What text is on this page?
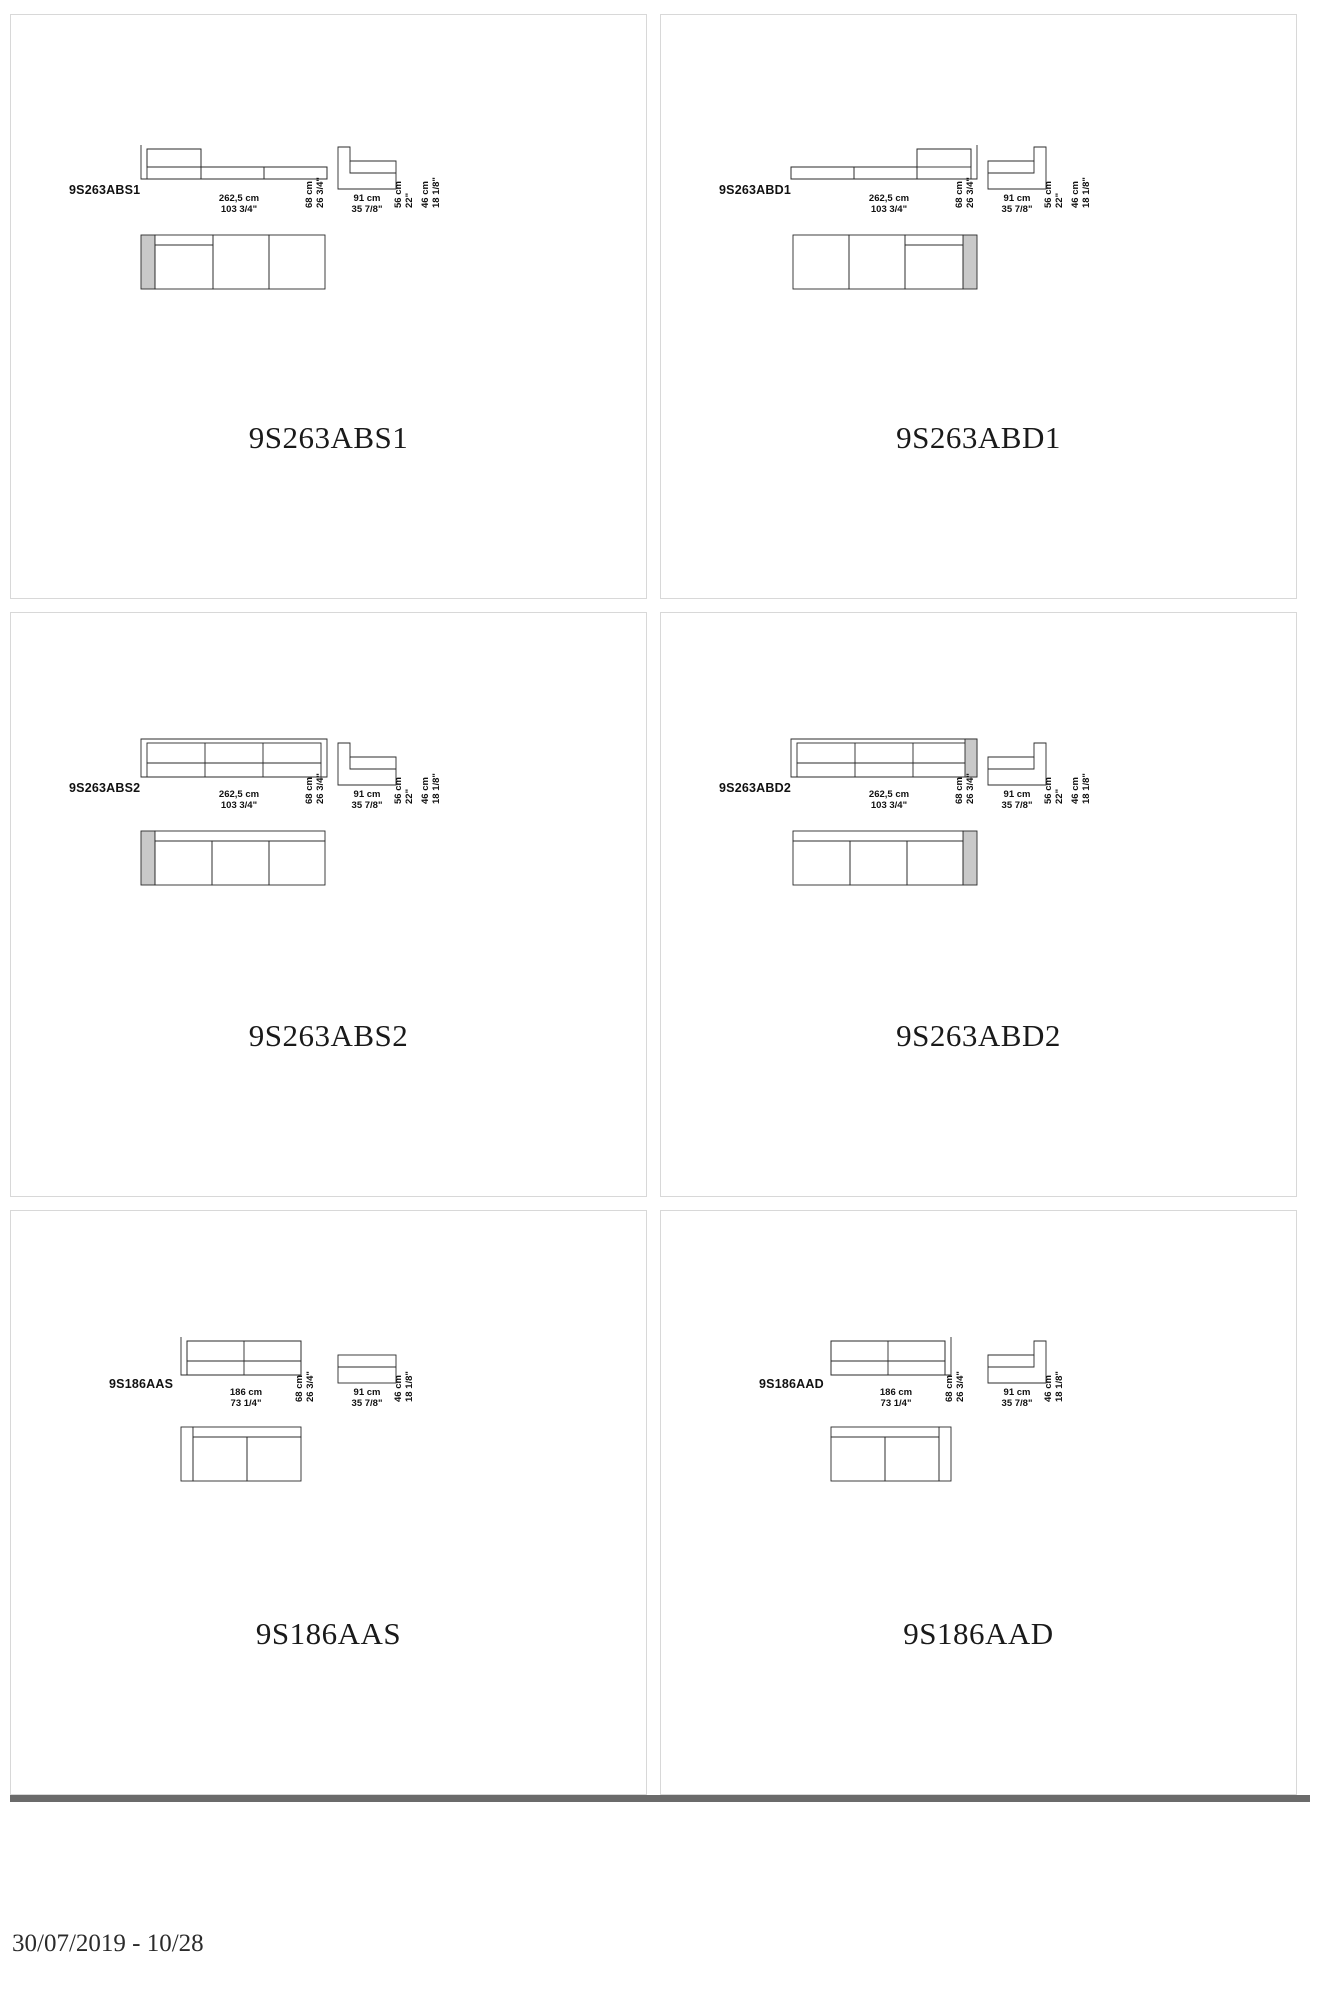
9S263ABS1
262,5 cm
103 3/4"
91 cm
35 7/8"
68 cm 26 3/4"	56 cm 22" 46 cm 18 1/8"
9S263ABS1
9S263ABD1
262,5 cm
103 3/4"
91 cm
35 7/8"
68 cm 26 3/4"	56 cm 22" 46 cm 18 1/8"
9S263ABD1
9S263ABS2	262,5 cm
103 3/4"
91 cm
35 7/8"
68 cm 26 3/4"	56 cm 22" 46 cm 18 1/8"
9S263ABS2
9S263ABD2	262,5 cm
103 3/4"
91 cm
35 7/8"
68 cm 26 3/4"	56 cm 22" 46 cm 18 1/8"
9S263ABD2
9S186AAS
186 cm
73 1/4"
91 cm
35 7/8"
68 cm 26 3/4"	46 cm 18 1/8"
9S186AAS
9S186AAD
186 cm
73 1/4"
91 cm
35 7/8"
68 cm 26 3/4"	46 cm 18 1/8"
9S186AAD
30/07/2019 - 10/28
